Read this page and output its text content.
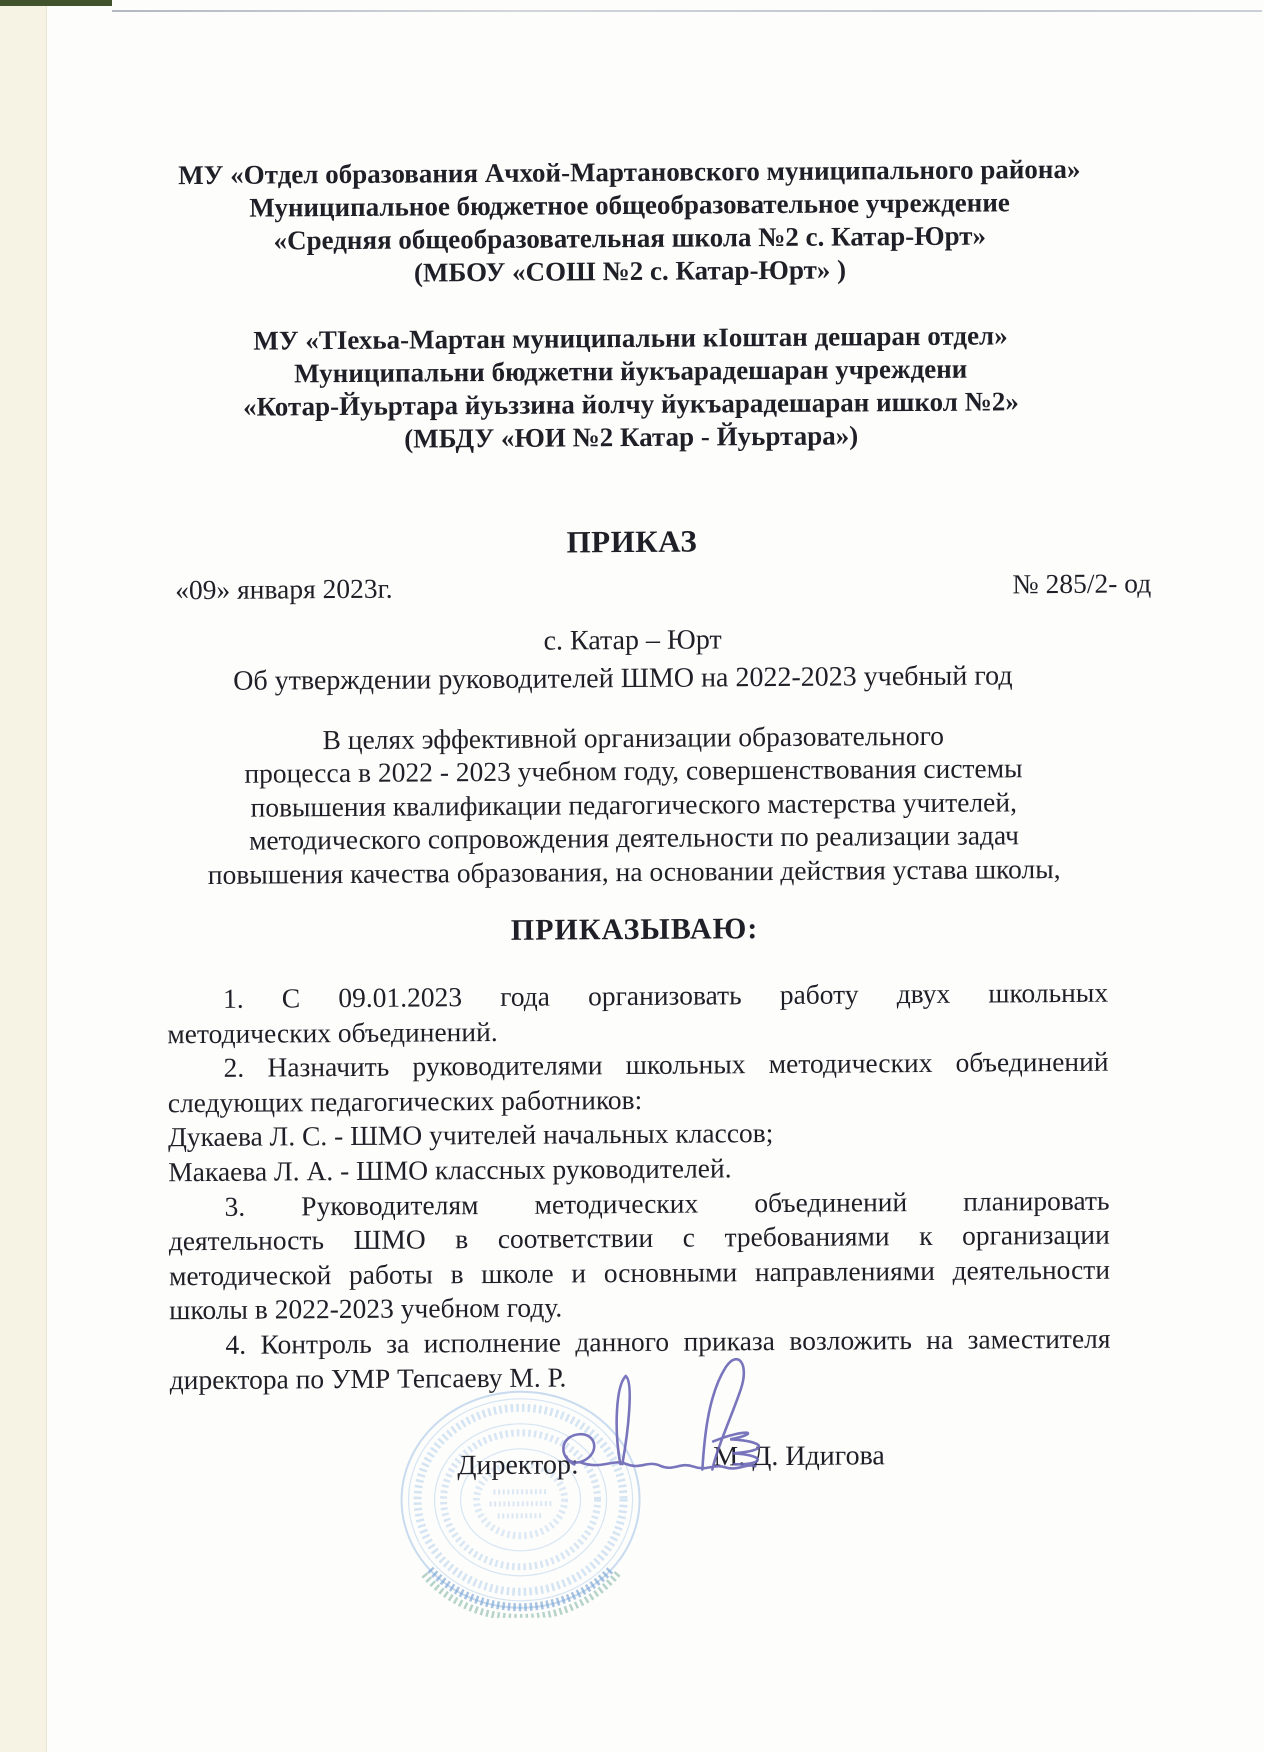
МУ «Отдел образования Ачхой-Мартановского муниципального района»
Муниципальное бюджетное общеобразовательное учреждение
«Средняя общеобразовательная школа №2 с. Катар-Юрт»
(МБОУ «СОШ №2 с. Катар-Юрт» )
МУ «ТIехьа-Мартан муниципальни кIоштан дешаран отдел»
Муниципальни бюджетни йукъарадешаран учреждени
«Котар-Йуьртара йуьззина йолчу йукъарадешаран ишкол №2»
(МБДУ «ЮИ №2 Катар - Йуьртара»)
ПРИКАЗ
«09» января 2023г.	№ 285/2- од
с. Катар – Юрт
Об утверждении руководителей ШМО на 2022-2023 учебный год
В целях эффективной организации образовательного
процесса в 2022 - 2023 учебном году, совершенствования системы
повышения квалификации педагогического мастерства учителей,
методического сопровождения деятельности по реализации задач
повышения качества образования, на основании действия устава школы,
ПРИКАЗЫВАЮ:
1. С 09.01.2023 года организовать работу двух школьных
методических объединений.
2. Назначить руководителями школьных методических объединений
следующих педагогических работников:
Дукаева Л. С. - ШМО учителей начальных классов;
Макаева Л. А. - ШМО классных руководителей.
3. Руководителям методических объединений планировать
деятельность ШМО в соответствии с требованиями к организации
методической работы в школе и основными направлениями деятельности
школы в 2022-2023 учебном году.
4. Контроль за исполнение данного приказа возложить на заместителя
директора по УМР Тепсаеву М. Р.
Директор:	М. Д. Идигова
